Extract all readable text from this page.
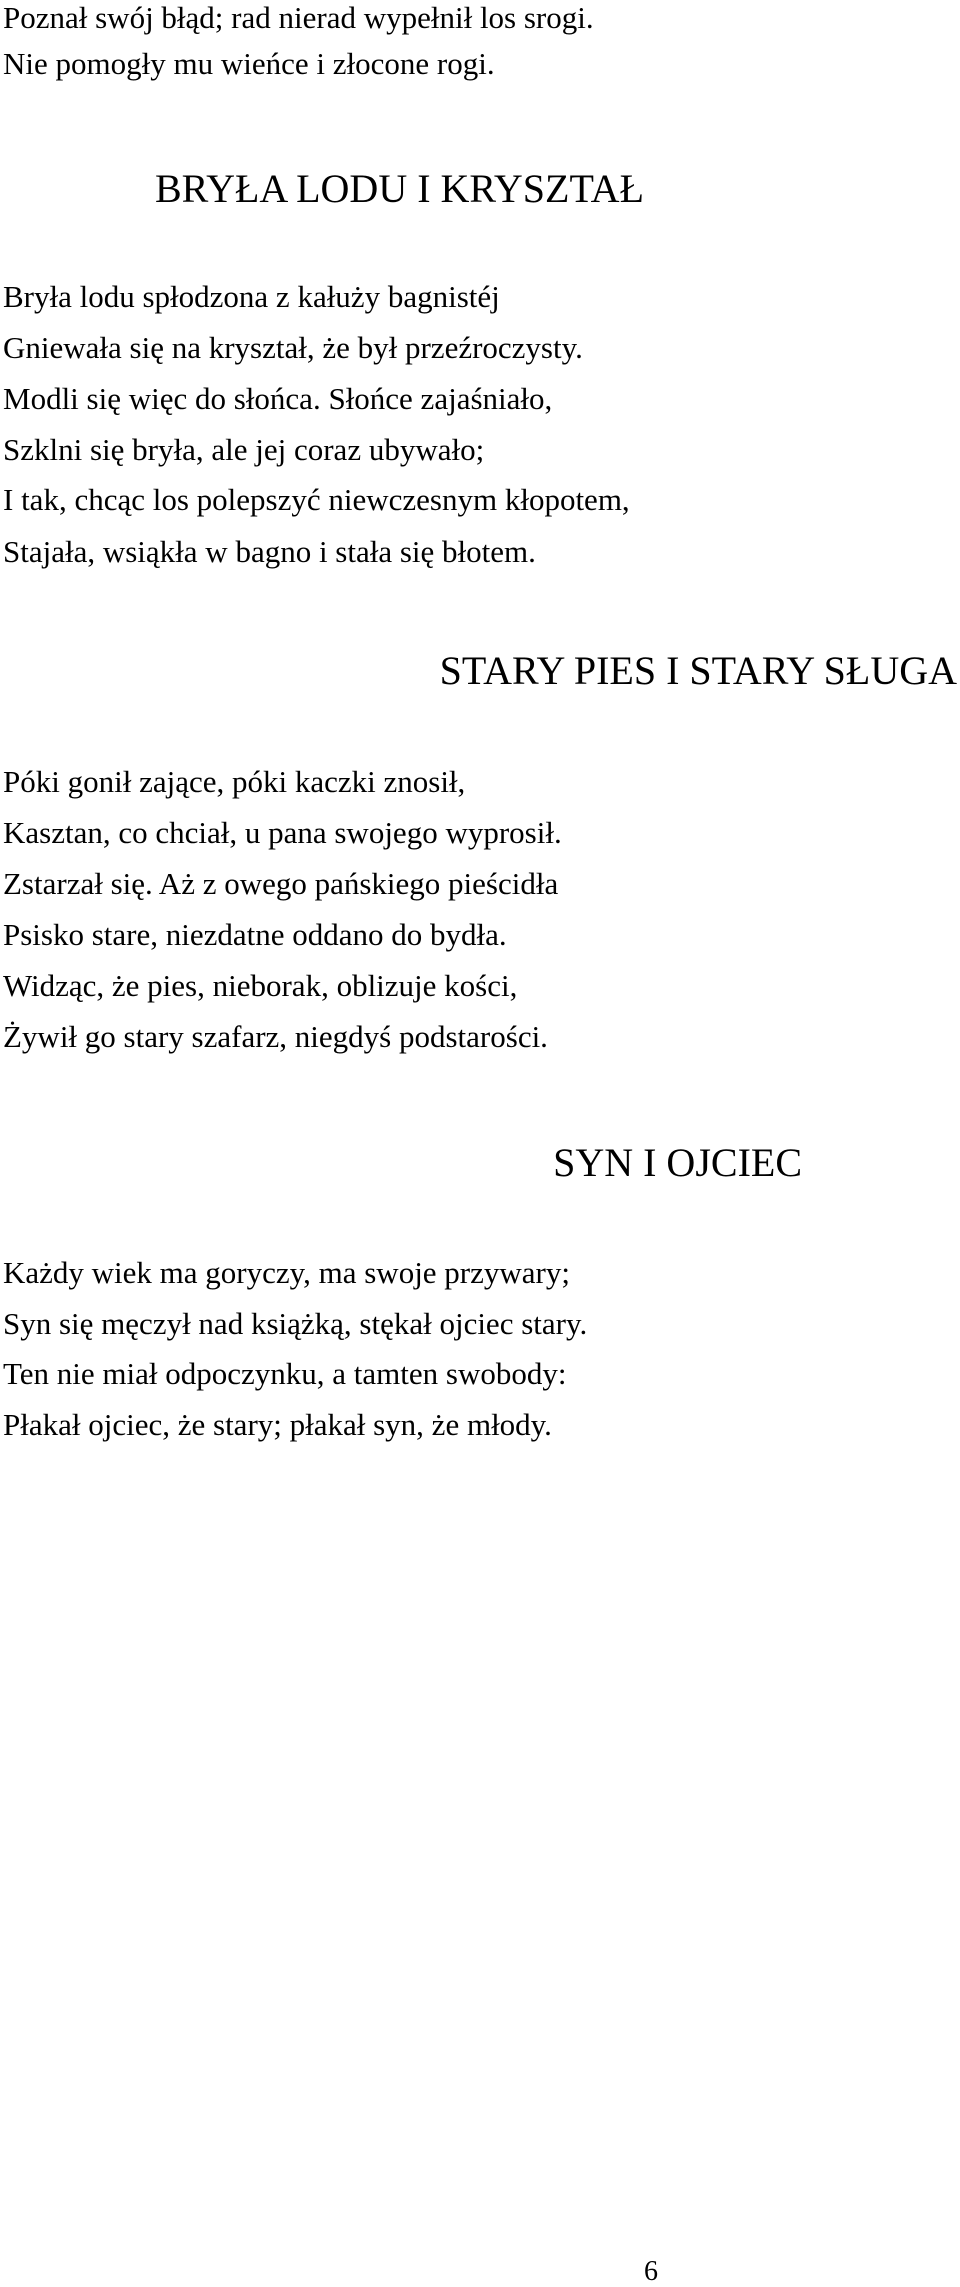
Poznał swój błąd; rad nierad wypełnił los srogi.

Nie pomogły mu wieńce i złocone rogi.

BRYŁA LODU I KRYSZTAŁ

Bryła lodu spłodzona z kałuży bagnistéj

Gniewała się na kryształ, że był przeźroczysty.

Modli się więc do słońca. Słońce zajaśniało,

Szklni się bryła, ale jej coraz ubywało;

I tak, chcąc los polepszyć niewczesnym kłopotem,

Stajała, wsiąkła w bagno i stała się błotem.

STARY PIES I STARY SŁUGA

Póki gonił zające, póki kaczki znosił,

Kasztan, co chciał, u pana swojego wyprosił.

Zstarzał się. Aż z owego pańskiego pieścidła

Psisko stare, niezdatne oddano do bydła.

Widząc, że pies, nieborak, oblizuje kości,

Żywił go stary szafarz, niegdyś podstarości.

SYN I OJCIEC

Każdy wiek ma goryczy, ma swoje przywary;

Syn się męczył nad książką, stękał ojciec stary.

Ten nie miał odpoczynku, a tamten swobody:

Płakał ojciec, że stary; płakał syn, że młody.

6
